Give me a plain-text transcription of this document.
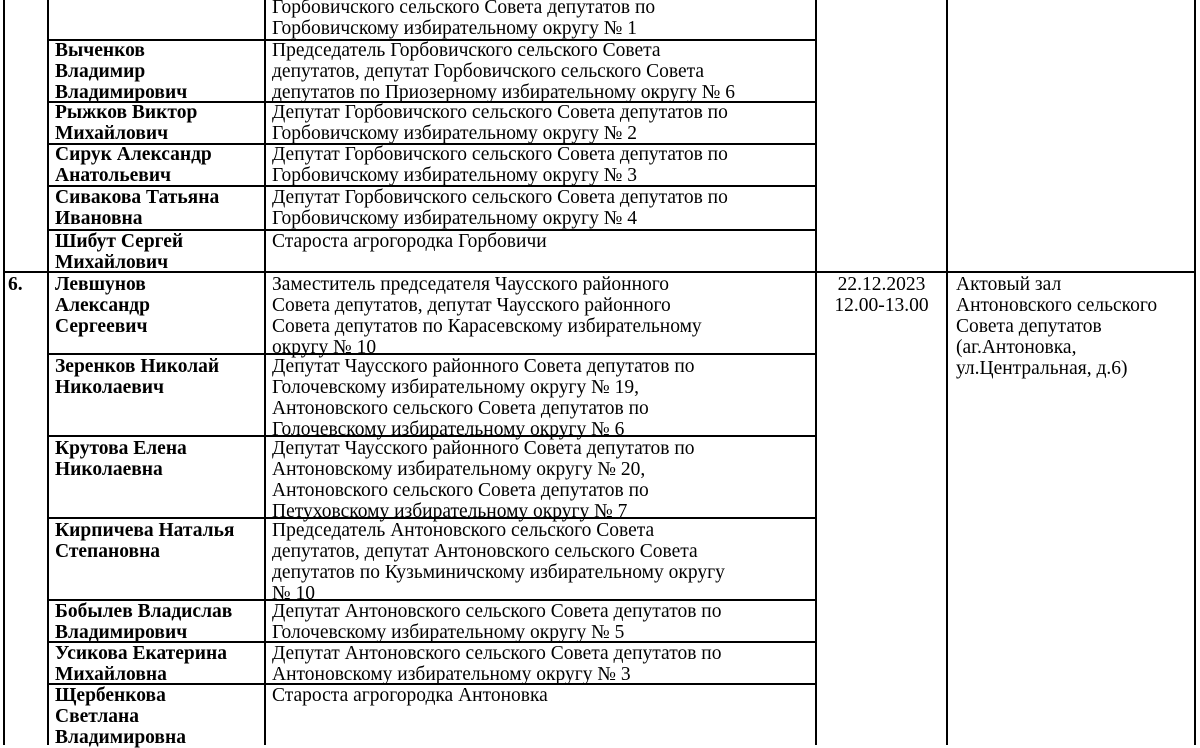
Горбовичского сельского Совета депутатов по
Горбовичскому избирательному округу № 1
Выченков
Владимир
Владимирович
Председатель Горбовичского сельского Совета
депутатов, депутат Горбовичского сельского Совета
депутатов по Приозерному избирательному округу № 6
Рыжков Виктор
Михайлович
Депутат Горбовичского сельского Совета депутатов по
Горбовичскому избирательному округу № 2
Сирук Александр
Анатольевич
Депутат Горбовичского сельского Совета депутатов по
Горбовичскому избирательному округу № 3
Сивакова Татьяна
Ивановна
Депутат Горбовичского сельского Совета депутатов по
Горбовичскому избирательному округу № 4
Шибут Сергей
Михайлович
Староста агрогородка Горбовичи
6.	22.12.2023
12.00-13.00
Актовый зал
Антоновского сельского
Совета депутатов
(аг.Антоновка,
ул.Центральная, д.6)
Левшунов
Александр
Сергеевич
Заместитель председателя Чаусского районного
Совета депутатов, депутат Чаусского районного
Совета депутатов по Карасевскому избирательному
округу № 10
Зеренков Николай
Николаевич
Депутат Чаусского районного Совета депутатов по
Голочевскому избирательному округу № 19,
Антоновского сельского Совета депутатов по
Голочевскому избирательному округу № 6
Крутова Елена
Николаевна
Депутат Чаусского районного Совета депутатов по
Антоновскому избирательному округу № 20,
Антоновского сельского Совета депутатов по
Петуховскому избирательному округу № 7
Кирпичева Наталья
Степановна
Председатель Антоновского сельского Совета
депутатов, депутат Антоновского сельского Совета
депутатов по Кузьминичскому избирательному округу
№ 10
Бобылев Владислав
Владимирович
Депутат Антоновского сельского Совета депутатов по
Голочевскому избирательному округу № 5
Усикова Екатерина
Михайловна
Депутат Антоновского сельского Совета депутатов по
Антоновскому избирательному округу № 3
Щербенкова
Светлана
Владимировна
Староста агрогородка Антоновка
